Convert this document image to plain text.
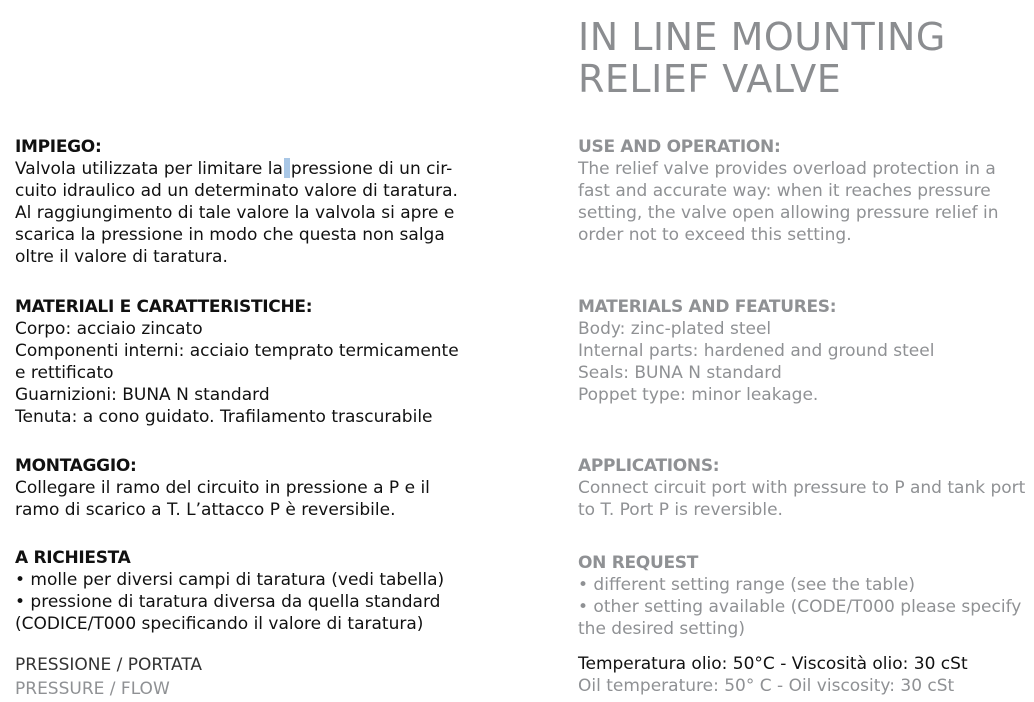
IN LINE MOUNTING
RELIEF VALVE
IMPIEGO:
Valvola utilizzata per limitare la pressione di un cir-
cuito idraulico ad un determinato valore di taratura.
Al raggiungimento di tale valore la valvola si apre e
scarica la pressione in modo che questa non salga
oltre il valore di taratura.
MATERIALI E CARATTERISTICHE:
Corpo: acciaio zincato
Componenti interni: acciaio temprato termicamente
e rettificato
Guarnizioni: BUNA N standard
Tenuta: a cono guidato. Trafilamento trascurabile
MONTAGGIO:
Collegare il ramo del circuito in pressione a P e il
ramo di scarico a T. L’attacco P è reversibile.
A RICHIESTA
• molle per diversi campi di taratura (vedi tabella)
• pressione di taratura diversa da quella standard
(CODICE/T000 specificando il valore di taratura)
PRESSIONE / PORTATA
PRESSURE / FLOW
USE AND OPERATION:
The relief valve provides overload protection in a
fast and accurate way: when it reaches pressure
setting, the valve open allowing pressure relief in
order not to exceed this setting.
MATERIALS AND FEATURES:
Body: zinc-plated steel
Internal parts: hardened and ground steel
Seals: BUNA N standard
Poppet type: minor leakage.
APPLICATIONS:
Connect circuit port with pressure to P and tank port
to T. Port P is reversible.
ON REQUEST
• different setting range (see the table)
• other setting available (CODE/T000 please specify
the desired setting)
Temperatura olio: 50°C - Viscosità olio: 30 cSt
Oil temperature: 50° C - Oil viscosity: 30 cSt
